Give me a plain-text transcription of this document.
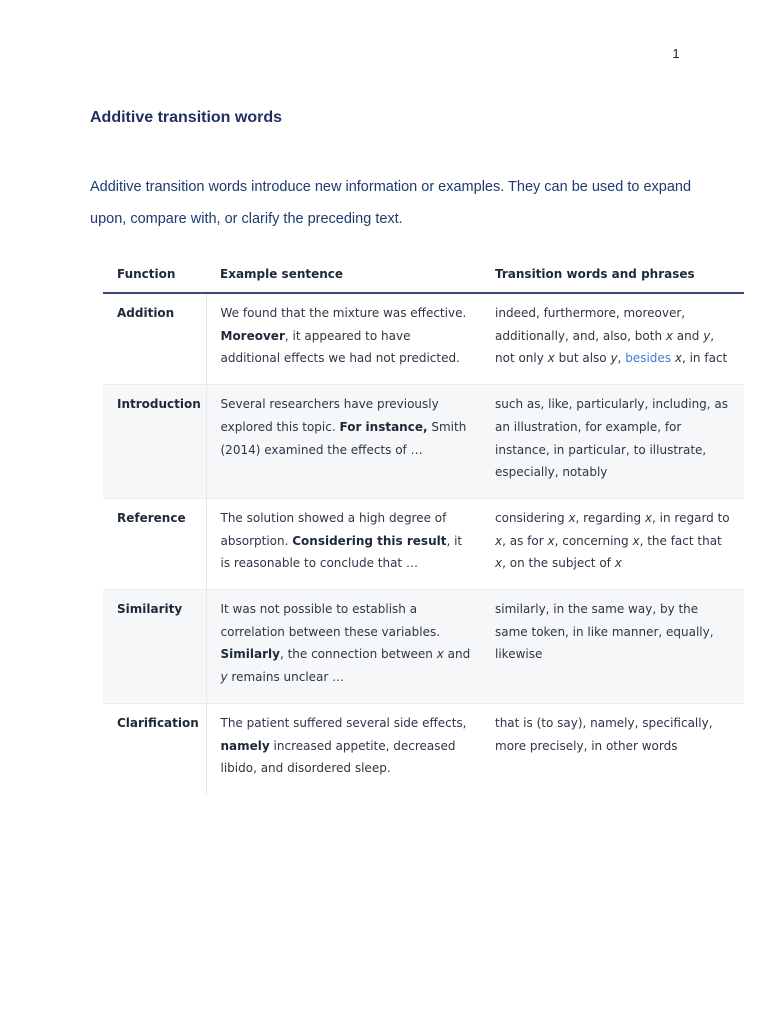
1
Additive transition words

Additive transition words introduce new information or examples. They can be used to expand upon, compare with, or clarify the preceding text.

Function	Example sentence	Transition words and phrases
Addition	We found that the mixture was effective. Moreover, it appeared to have additional effects we had not predicted.	indeed, furthermore, moreover, additionally, and, also, both x and y, not only x but also y, besides x, in fact
Introduction	Several researchers have previously explored this topic. For instance, Smith (2014) examined the effects of …	such as, like, particularly, including, as an illustration, for example, for instance, in particular, to illustrate, especially, notably
Reference	The solution showed a high degree of absorption. Considering this result, it is reasonable to conclude that …	considering x, regarding x, in regard to x, as for x, concerning x, the fact that x, on the subject of x
Similarity	It was not possible to establish a correlation between these variables. Similarly, the connection between x and y remains unclear …	similarly, in the same way, by the same token, in like manner, equally, likewise
Clarification	The patient suffered several side effects, namely increased appetite, decreased libido, and disordered sleep.	that is (to say), namely, specifically, more precisely, in other words
